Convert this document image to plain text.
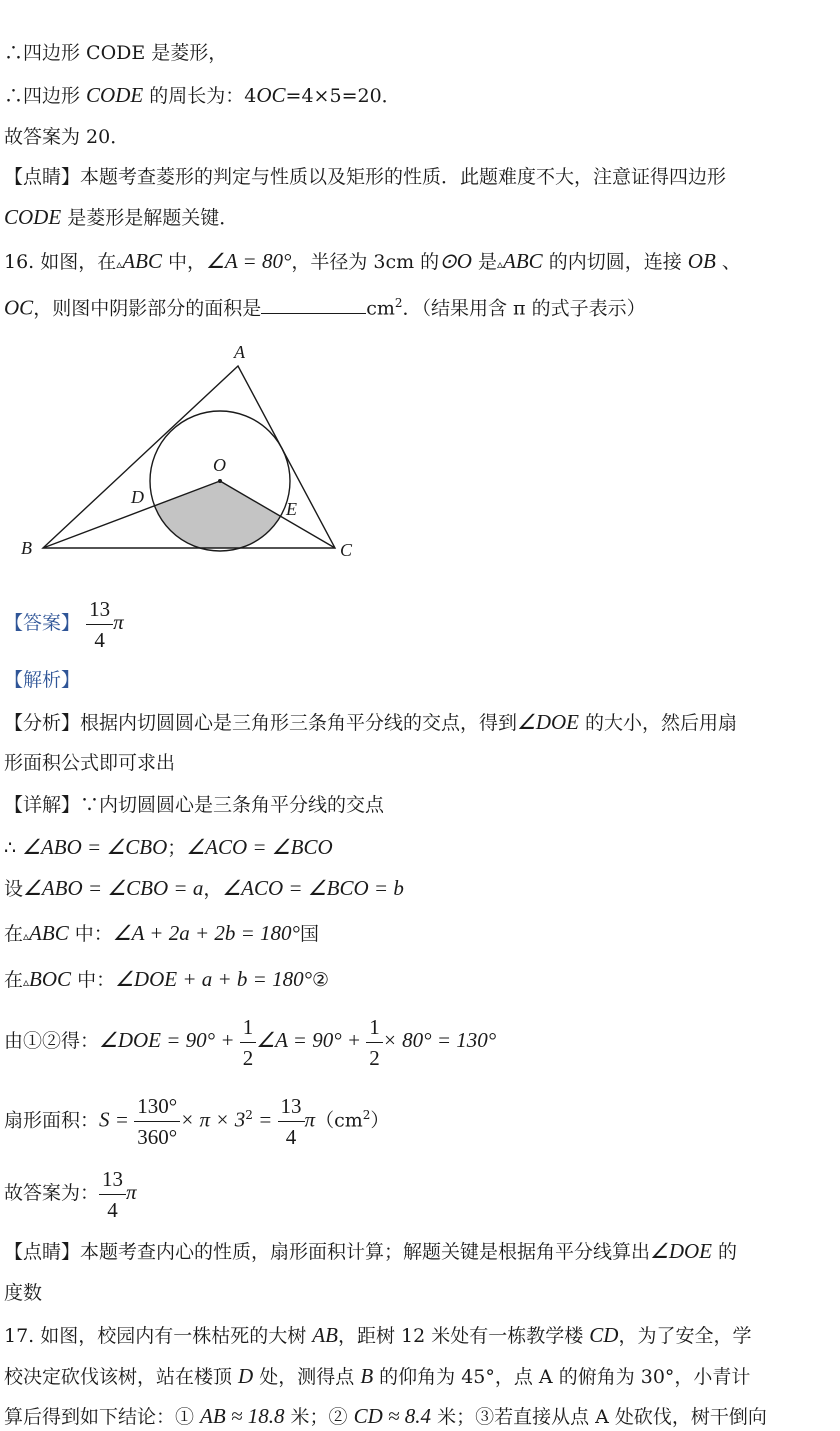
∴四边形 CODE 是菱形，
∴四边形 CODE 的周长为：4OC=4×5=20．
故答案为 20．
【点睛】本题考查菱形的判定与性质以及矩形的性质．此题难度不大，注意证得四边形
CODE 是菱形是解题关键．
16. 如图，在▵ABC 中，∠A = 80°，半径为 3cm 的⊙O 是▵ABC 的内切圆，连接 OB 、
OC，则图中阴影部分的面积是	$cm^2$．（结果用含 π 的式子表示）
A
B	C
O
D
E
【答案】 $\frac{13}{4}$ π
【解析】
【分析】根据内切圆圆心是三角形三条角平分线的交点，得到∠DOE 的大小，然后用扇
形面积公式即可求出
【详解】∵内切圆圆心是三条角平分线的交点
∴ ∠ABO = ∠CBO；∠ACO = ∠BCO
设∠ABO = ∠CBO = a，∠ACO = ∠BCO = b
在▵ABC 中：∠A + 2a + 2b = 180°国
在▵BOC 中：∠DOE + a + b = 180°②
由①②得：∠DOE = $90^\circ + \frac{1}{2}$ ∠A = $90^\circ + \frac{1}{2} \times 80^\circ = 130^\circ$
扇形面积：$S = \frac{130^\circ}{360^\circ} \times \pi \times 3^2 = \frac{13}{4} \pi(cm^2)$
故答案为： $\frac{13}{4}$ π
【点睛】本题考查内心的性质，扇形面积计算；解题关键是根据角平分线算出∠DOE 的
度数
17. 如图，校园内有一株枯死的大树 AB，距树 12 米处有一栋教学楼 CD，为了安全，学
校决定砍伐该树，站在楼顶 D 处，测得点 B 的仰角为 45°，点 A 的俯角为 30°，小青计
算后得到如下结论：① AB ≈ 18.8 米；② CD ≈ 8.4 米；③若直接从点 A 处砍伐，树干倒向
